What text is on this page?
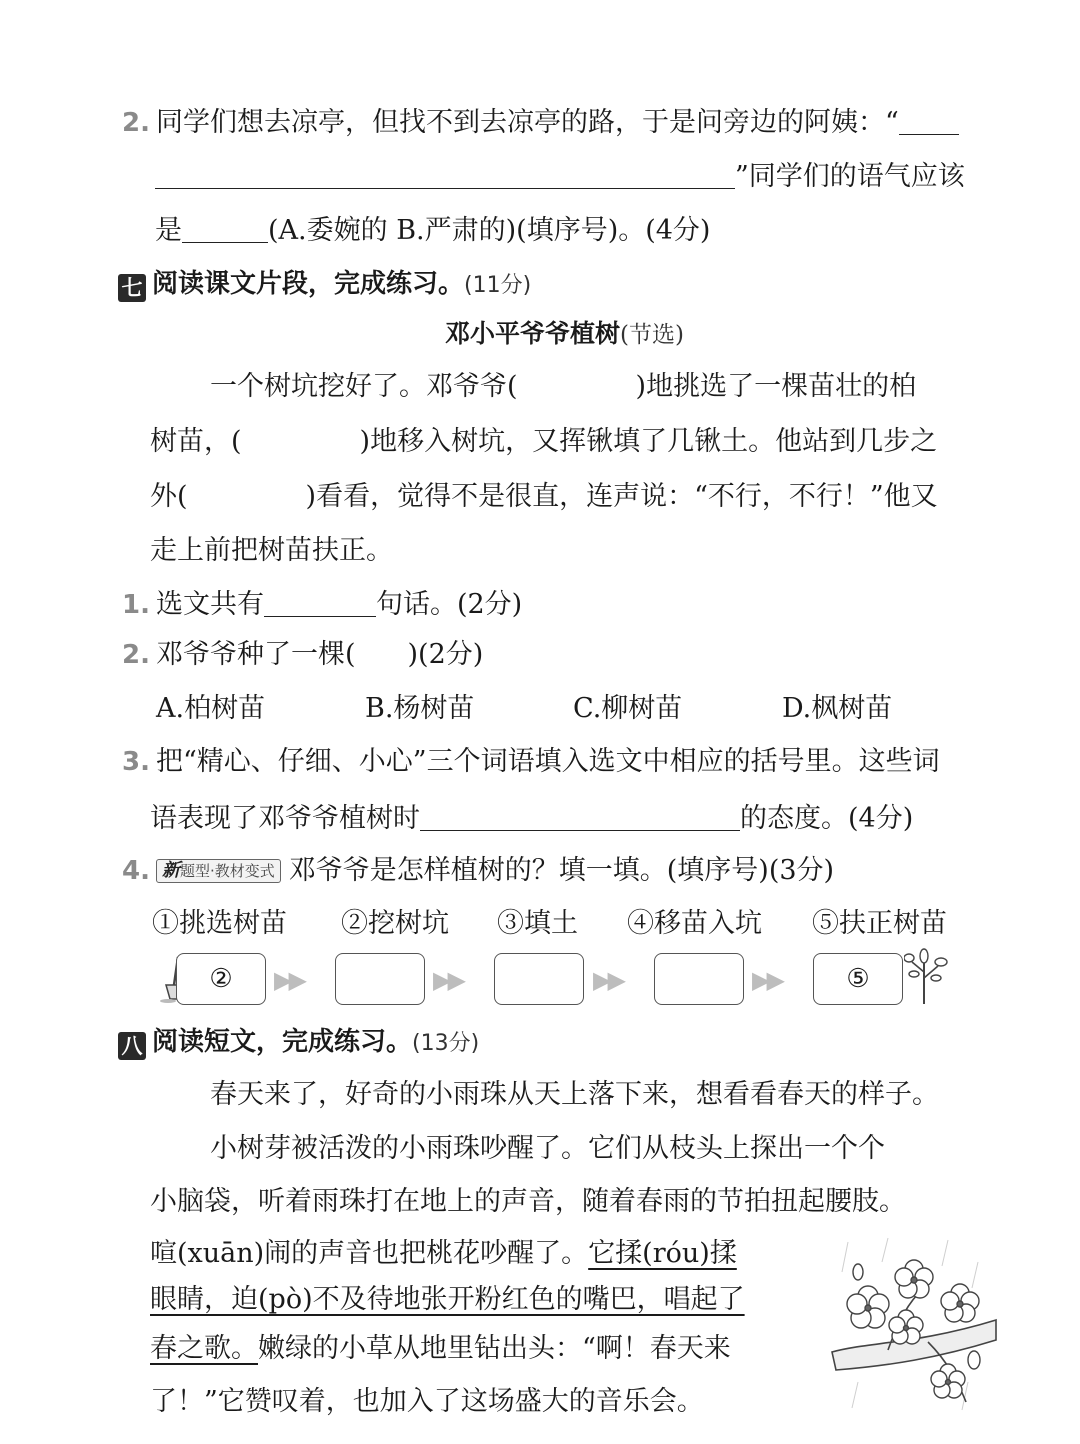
2. 同学们想去凉亭，但找不到去凉亭的路，于是问旁边的阿姨：“
”同学们的语气应该
是	(A.委婉的 B.严肃的)(填序号)。(4分)
七 阅读课文片段，完成练习。(11分)
邓小平爷爷植树(节选)
一个树坑挖好了。邓爷爷(	)地挑选了一棵苗壮的柏
树苗，(	)地移入树坑，又挥锹填了几锹土。他站到几步之
外(	)看看，觉得不是很直，连声说：“不行，不行！”他又
走上前把树苗扶正。
1. 选文共有	句话。(2分)
2. 邓爷爷种了一棵( )(2分)
A.柏树苗	B.杨树苗	C.柳树苗	D.枫树苗
3. 把“精心、仔细、小心”三个词语填入选文中相应的括号里。这些词
语表现了邓爷爷植树时	的态度。(4分)
4. 新题型·教材变式 邓爷爷是怎样植树的？填一填。(填序号)(3分)
①挑选树苗 ②挖树坑 ③填土 ④移苗入坑 ⑤扶正树苗
②	▶▶	▶▶	▶▶	▶▶	⑤
八 阅读短文，完成练习。(13分)
春天来了，好奇的小雨珠从天上落下来，想看看春天的样子。
小树芽被活泼的小雨珠吵醒了。它们从枝头上探出一个个
小脑袋，听着雨珠打在地上的声音，随着春雨的节拍扭起腰肢。
喧(xuān)闹的声音也把桃花吵醒了。它揉(róu)揉
眼睛，迫(pò)不及待地张开粉红色的嘴巴，唱起了
春之歌。嫩绿的小草从地里钻出头：“啊！春天来
了！”它赞叹着，也加入了这场盛大的音乐会。
